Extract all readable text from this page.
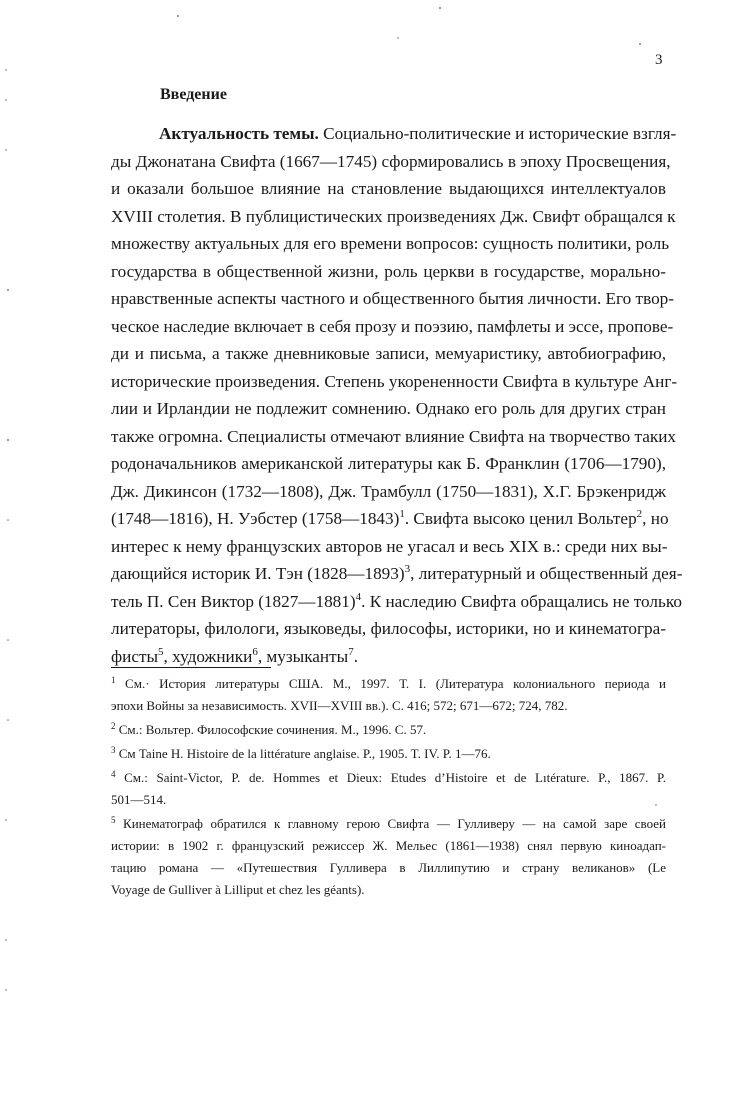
3
Введение
Актуальность темы. Социально-политические и исторические взгля-
ды Джонатана Свифта (1667—1745) сформировались в эпоху Просвещения,
и оказали большое влияние на становление выдающихся интеллектуалов
XVIII столетия. В публицистических произведениях Дж. Свифт обращался к
множеству актуальных для его времени вопросов: сущность политики, роль
государства в общественной жизни, роль церкви в государстве, морально-
нравственные аспекты частного и общественного бытия личности. Его твор-
ческое наследие включает в себя прозу и поэзию, памфлеты и эссе, пропове-
ди и письма, а также дневниковые записи, мемуаристику, автобиографию,
исторические произведения. Степень укорененности Свифта в культуре Анг-
лии и Ирландии не подлежит сомнению. Однако его роль для других стран
также огромна. Специалисты отмечают влияние Свифта на творчество таких
родоначальников американской литературы как Б. Франклин (1706—1790),
Дж. Дикинсон (1732—1808), Дж. Трамбулл (1750—1831), Х.Г. Брэкенридж
(1748—1816), Н. Уэбстер (1758—1843)$^1$. Свифта высоко ценил Вольтер$^2$, но
интерес к нему французских авторов не угасал и весь XIX в.: среди них вы-
дающийся историк И. Тэн (1828—1893)$^3$, литературный и общественный дея-
тель П. Сен Виктор (1827—1881)$^4$. К наследию Свифта обращались не только
литераторы, филологи, языковеды, философы, историки, но и кинематогра-
фисты$^5$, художники$^6$, музыканты$^7$.
$^1$ См.· История литературы США. М., 1997. Т. I. (Литература колониального периода и
эпохи Войны за независимость. XVII—XVIII вв.). С. 416; 572; 671—672; 724, 782.
$^2$ См.: Вольтер. Философские сочинения. М., 1996. С. 57.
$^3$ См Taine H. Histoire de la littérature anglaise. P., 1905. T. IV. P. 1—76.
$^4$ См.: Saint-Victor, P. de. Hommes et Dieux: Etudes d’Histoire et de Lıtérature. P., 1867. P.
501—514.
$^5$ Кинематограф обратился к главному герою Свифта — Гулливеру — на самой заре своей
истории: в 1902 г. французский режиссер Ж. Мельес (1861—1938) снял первую киноадап-
тацию романа — «Путешествия Гулливера в Лиллипутию и страну великанов» (Le
Voyage de Gulliver à Lilliput et chez les géants).
